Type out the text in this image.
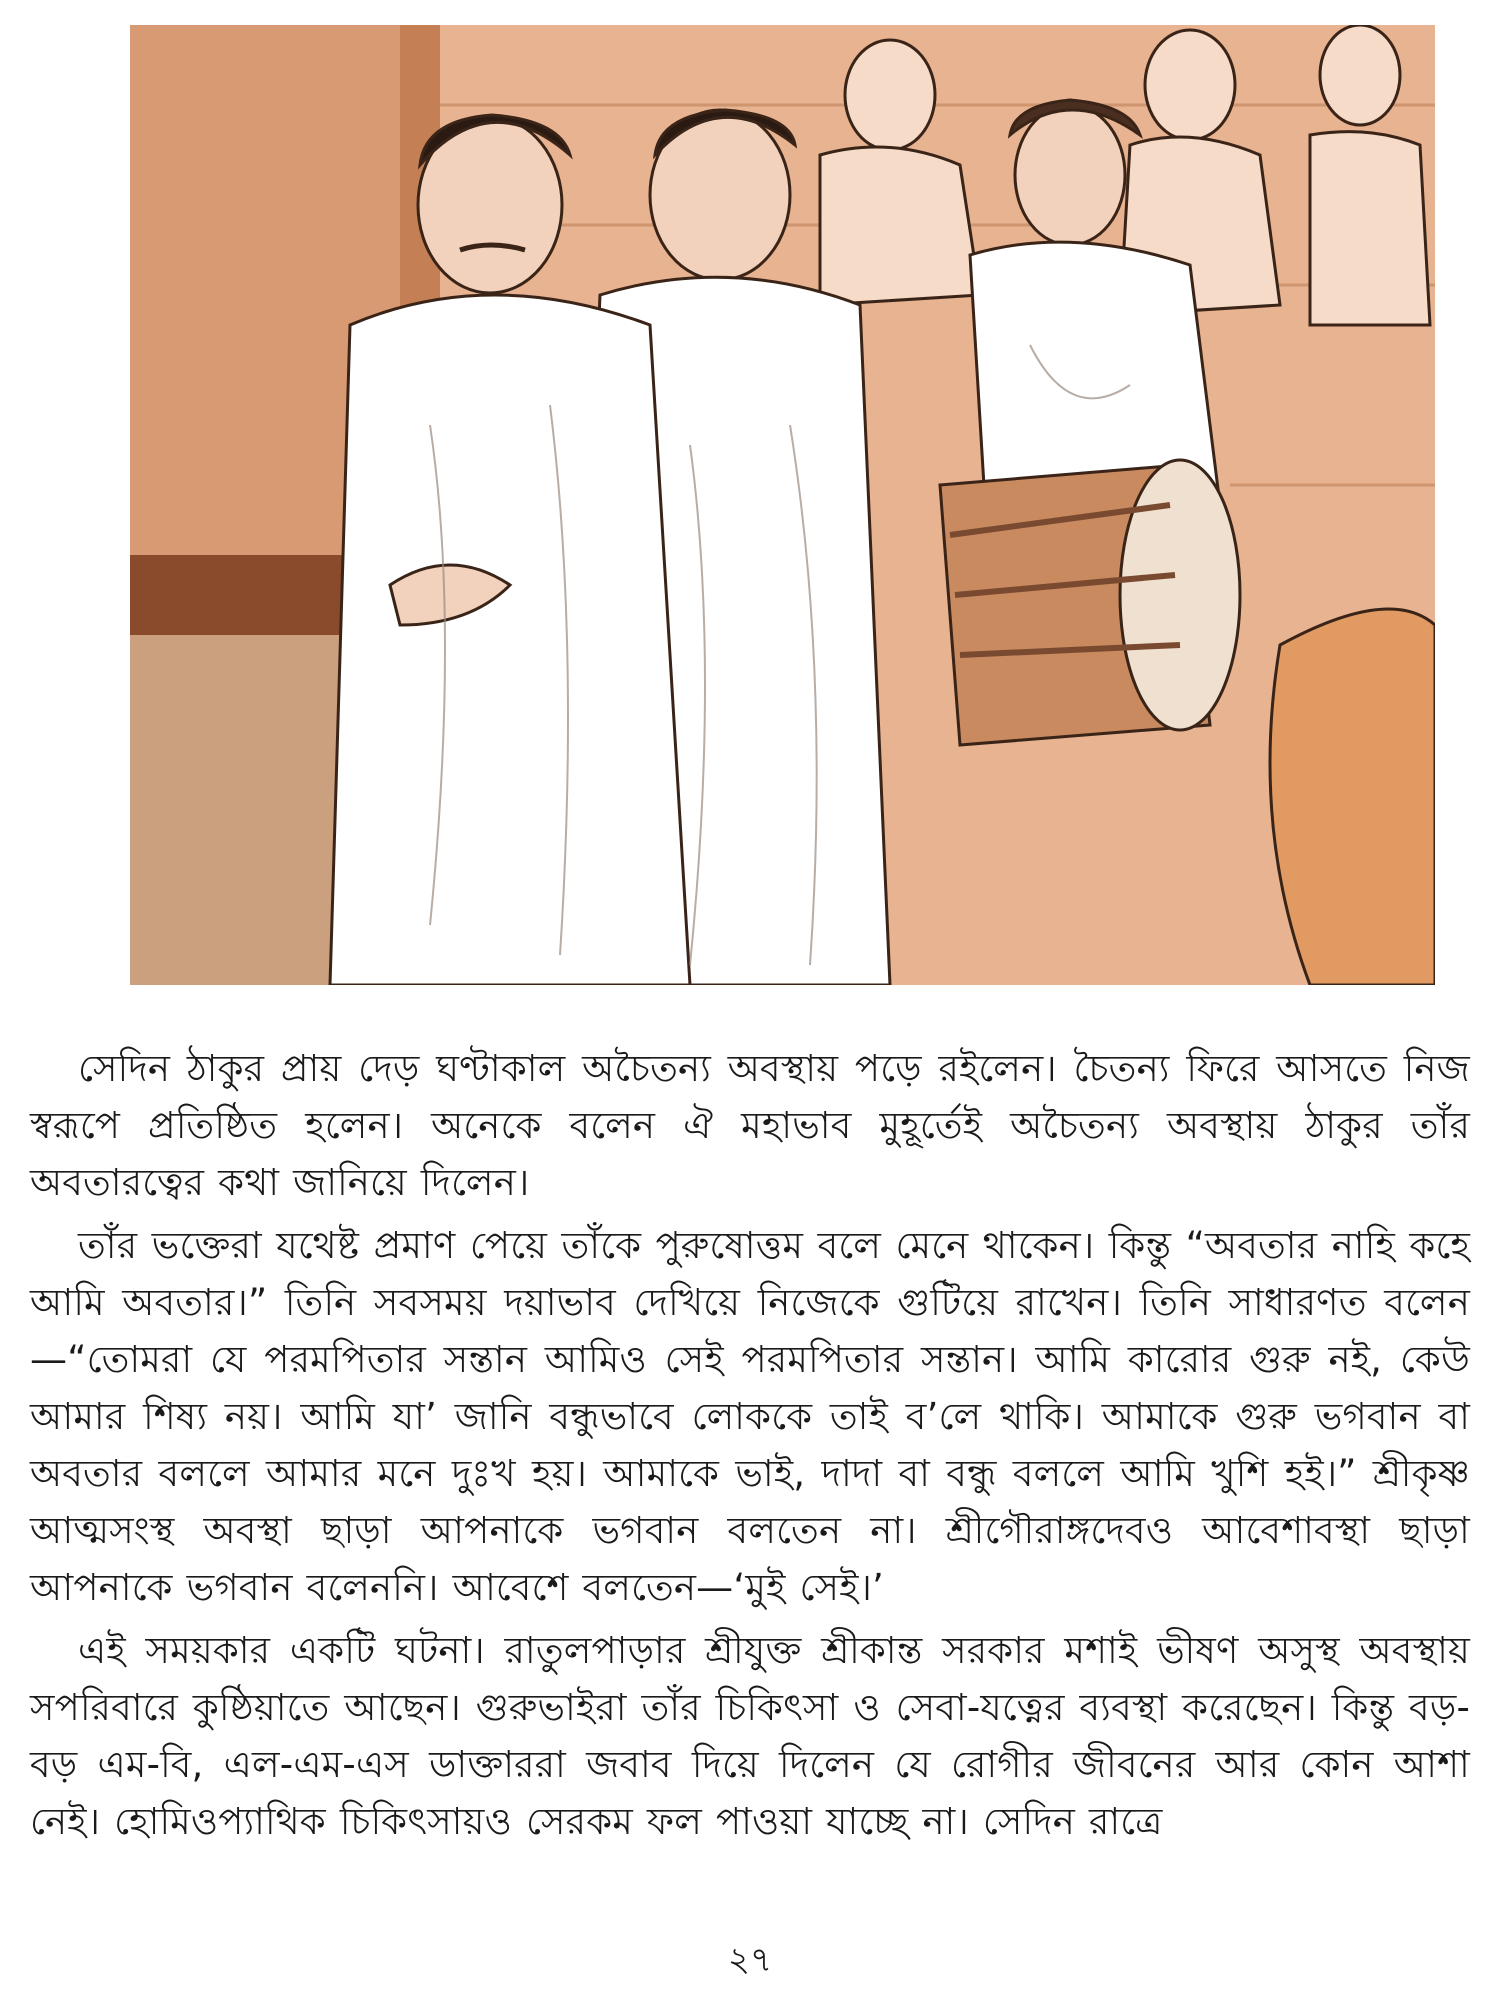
সেদিন ঠাকুর প্রায় দেড় ঘণ্টাকাল অচৈতন্য অবস্থায় পড়ে রইলেন। চৈতন্য ফিরে আসতে নিজ স্বরূপে প্রতিষ্ঠিত হলেন। অনেকে বলেন ঐ মহাভাব মুহূর্তেই অচৈতন্য অবস্থায় ঠাকুর তাঁর অবতারত্বের কথা জানিয়ে দিলেন।

তাঁর ভক্তেরা যথেষ্ট প্রমাণ পেয়ে তাঁকে পুরুষোত্তম বলে মেনে থাকেন। কিন্তু “অবতার নাহি কহে আমি অবতার।” তিনি সবসময় দয়াভাব দেখিয়ে নিজেকে গুটিয়ে রাখেন। তিনি সাধারণত বলেন—“তোমরা যে পরমপিতার সন্তান আমিও সেই পরমপিতার সন্তান। আমি কারোর গুরু নই, কেউ আমার শিষ্য নয়। আমি যা’ জানি বন্ধুভাবে লোককে তাই ব’লে থাকি। আমাকে গুরু ভগবান বা অবতার বললে আমার মনে দুঃখ হয়। আমাকে ভাই, দাদা বা বন্ধু বললে আমি খুশি হই।” শ্রীকৃষ্ণ আত্মসংস্থ অবস্থা ছাড়া আপনাকে ভগবান বলতেন না। শ্রীগৌরাঙ্গদেবও আবেশাবস্থা ছাড়া আপনাকে ভগবান বলেননি। আবেশে বলতেন—‘মুই সেই।’

এই সময়কার একটি ঘটনা। রাতুলপাড়ার শ্রীযুক্ত শ্রীকান্ত সরকার মশাই ভীষণ অসুস্থ অবস্থায় সপরিবারে কুষ্ঠিয়াতে আছেন। গুরুভাইরা তাঁর চিকিৎসা ও সেবা-যত্নের ব্যবস্থা করেছেন। কিন্তু বড়-বড় এম-বি, এল-এম-এস ডাক্তাররা জবাব দিয়ে দিলেন যে রোগীর জীবনের আর কোন আশা নেই। হোমিওপ্যাথিক চিকিৎসায়ও সেরকম ফল পাওয়া যাচ্ছে না। সেদিন রাত্রে

২৭
